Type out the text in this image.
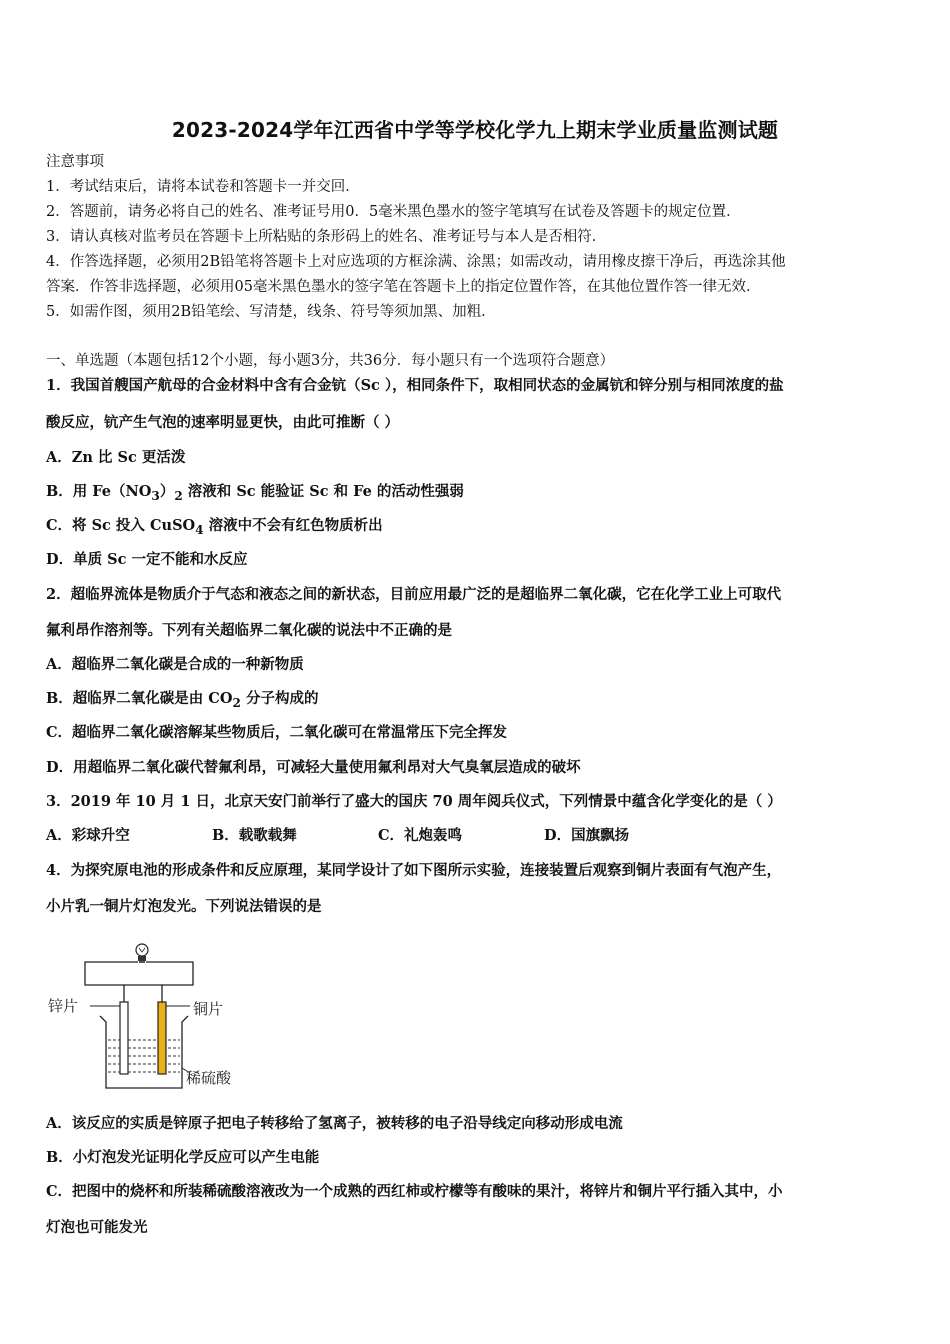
2023-2024学年江西省中学等学校化学九上期末学业质量监测试题
注意事项
1．考试结束后，请将本试卷和答题卡一并交回．
2．答题前，请务必将自己的姓名、准考证号用0．5毫米黑色墨水的签字笔填写在试卷及答题卡的规定位置．
3．请认真核对监考员在答题卡上所粘贴的条形码上的姓名、准考证号与本人是否相符．
4．作答选择题，必须用2B铅笔将答题卡上对应选项的方框涂满、涂黑；如需改动，请用橡皮擦干净后，再选涂其他
答案．作答非选择题，必须用05毫米黑色墨水的签字笔在答题卡上的指定位置作答，在其他位置作答一律无效．
5．如需作图，须用2B铅笔绘、写清楚，线条、符号等须加黑、加粗．
一、单选题（本题包括12个小题，每小题3分，共36分．每小题只有一个选项符合题意）
1．我国首艘国产航母的合金材料中含有合金钪（Sc ），相同条件下，取相同状态的金属钪和锌分别与相同浓度的盐
酸反应，钪产生气泡的速率明显更快，由此可推断（ ）
A．Zn 比 Sc 更活泼
B．用 $Fe(NO_3)_2$ 溶液和 Sc 能验证 Sc 和 Fe 的活动性强弱
C．将 Sc 投入 CuSO$_4$ 溶液中不会有红色物质析出
D．单质 Sc 一定不能和水反应
2．超临界流体是物质介于气态和液态之间的新状态，目前应用最广泛的是超临界二氧化碳，它在化学工业上可取代
氟利昂作溶剂等。下列有关超临界二氧化碳的说法中不正确的是
A．超临界二氧化碳是合成的一种新物质
B．超临界二氧化碳是由 $CO_2$ 分子构成的
C．超临界二氧化碳溶解某些物质后，二氧化碳可在常温常压下完全挥发
D．用超临界二氧化碳代替氟利昂，可减轻大量使用氟利昂对大气臭氧层造成的破坏
3．2019 年 10 月 1 日，北京天安门前举行了盛大的国庆 70 周年阅兵仪式，下列情景中蕴含化学变化的是（ ）
A．彩球升空	B．载歌载舞	C．礼炮轰鸣	D．国旗飘扬
4．为探究原电池的形成条件和反应原理，某同学设计了如下图所示实验，连接装置后观察到铜片表面有气泡产生，
小片乳一铜片灯泡发光。下列说法错误的是
锌片	铜片
稀硫酸
A．该反应的实质是锌原子把电子转移给了氢离子，被转移的电子沿导线定向移动形成电流
B．小灯泡发光证明化学反应可以产生电能
C．把图中的烧杯和所装稀硫酸溶液改为一个成熟的西红柿或柠檬等有酸味的果汁，将锌片和铜片平行插入其中，小
灯泡也可能发光
